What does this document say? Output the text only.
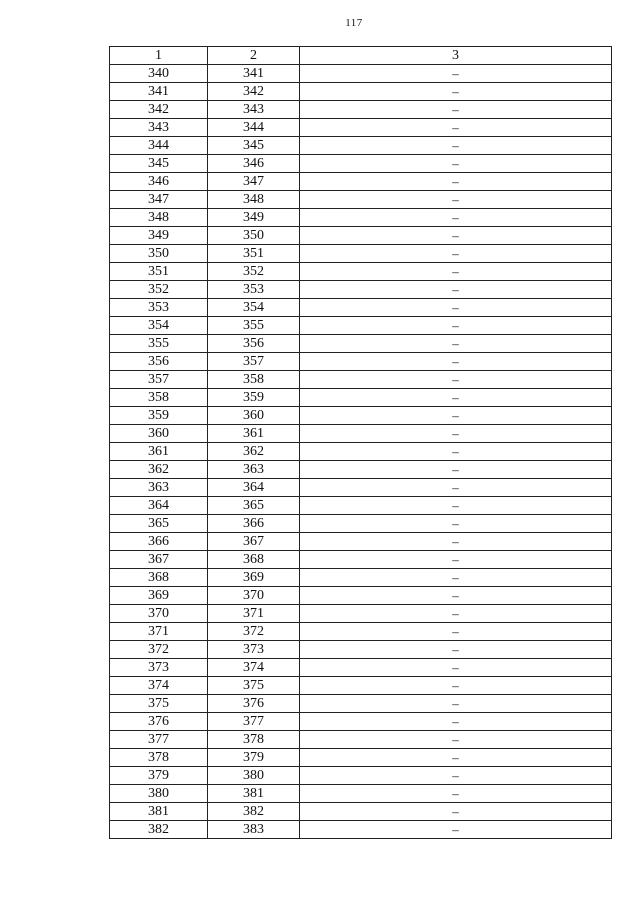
117
1	2	3
340	341	–
341	342	–
342	343	–
343	344	–
344	345	–
345	346	–
346	347	–
347	348	–
348	349	–
349	350	–
350	351	–
351	352	–
352	353	–
353	354	–
354	355	–
355	356	–
356	357	–
357	358	–
358	359	–
359	360	–
360	361	–
361	362	–
362	363	–
363	364	–
364	365	–
365	366	–
366	367	–
367	368	–
368	369	–
369	370	–
370	371	–
371	372	–
372	373	–
373	374	–
374	375	–
375	376	–
376	377	–
377	378	–
378	379	–
379	380	–
380	381	–
381	382	–
382	383	–
